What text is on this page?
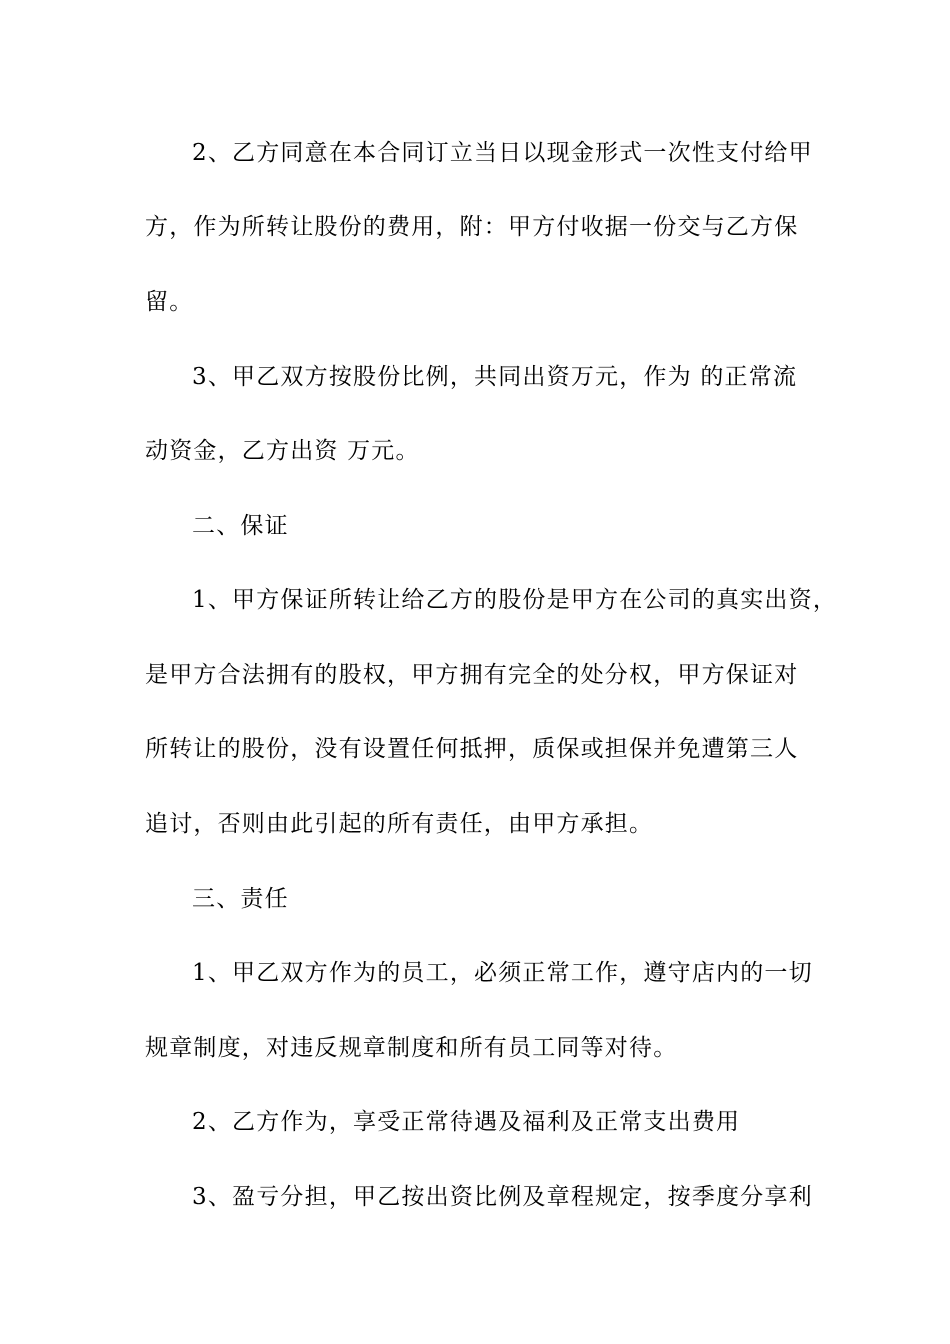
2、乙方同意在本合同订立当日以现金形式一次性支付给甲
方，作为所转让股份的费用，附：甲方付收据一份交与乙方保
留。
3、甲乙双方按股份比例，共同出资万元，作为 的正常流
动资金，乙方出资 万元。
二、保证
1、甲方保证所转让给乙方的股份是甲方在公司的真实出资，
是甲方合法拥有的股权，甲方拥有完全的处分权，甲方保证对
所转让的股份，没有设置任何抵押，质保或担保并免遭第三人
追讨，否则由此引起的所有责任，由甲方承担。
三、责任
1、甲乙双方作为的员工，必须正常工作，遵守店内的一切
规章制度，对违反规章制度和所有员工同等对待。
2、乙方作为，享受正常待遇及福利及正常支出费用
3、盈亏分担，甲乙按出资比例及章程规定，按季度分享利
